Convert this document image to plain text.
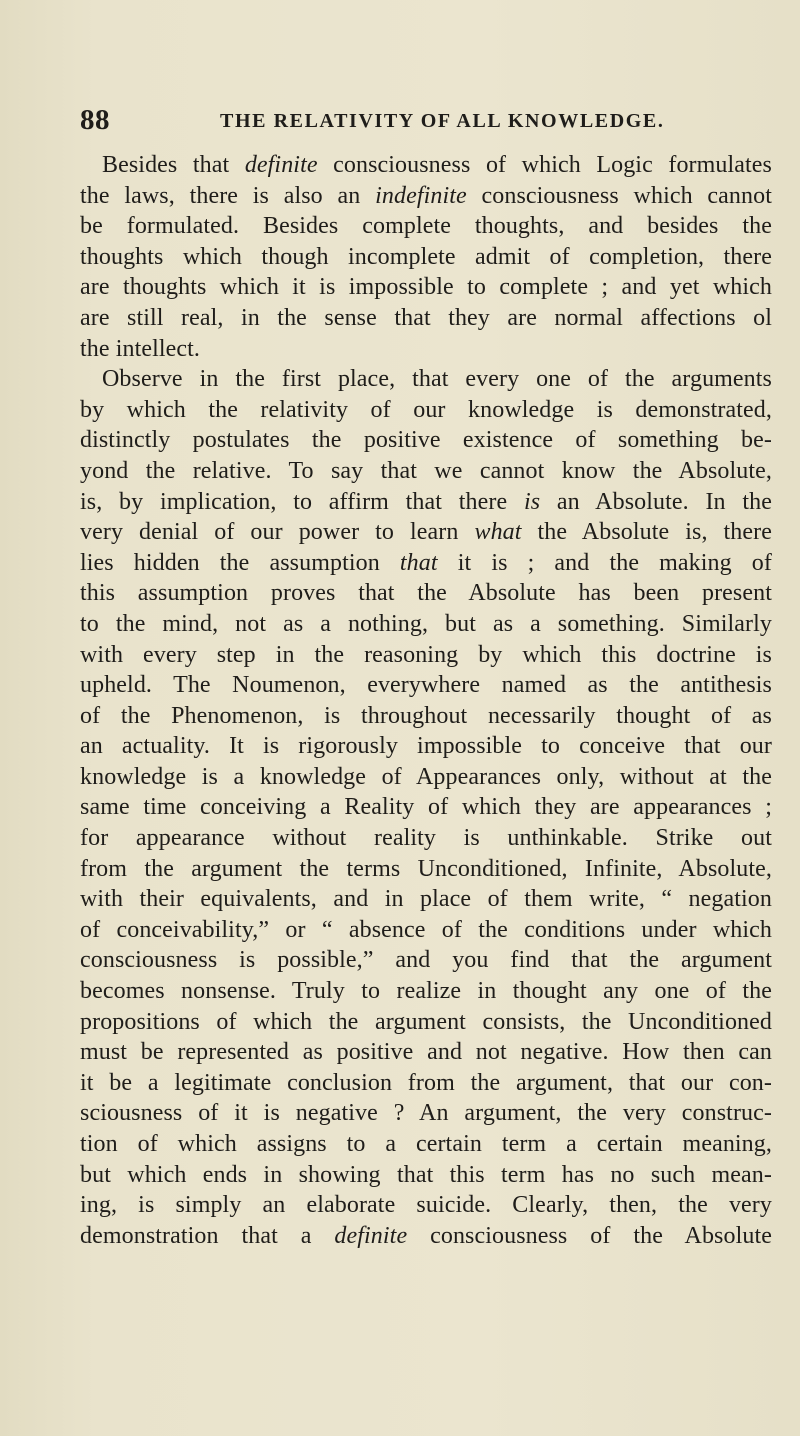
88	THE RELATIVITY OF ALL KNOWLEDGE.
Besides that definite consciousness of which Logic formulates
the laws, there is also an indefinite consciousness which cannot
be formulated. Besides complete thoughts, and besides the
thoughts which though incomplete admit of completion, there
are thoughts which it is impossible to complete ; and yet which
are still real, in the sense that they are normal affections ol
the intellect.
Observe in the first place, that every one of the arguments
by which the relativity of our knowledge is demonstrated,
distinctly postulates the positive existence of something be-
yond the relative. To say that we cannot know the Absolute,
is, by implication, to affirm that there is an Absolute. In the
very denial of our power to learn what the Absolute is, there
lies hidden the assumption that it is ; and the making of
this assumption proves that the Absolute has been present
to the mind, not as a nothing, but as a something. Similarly
with every step in the reasoning by which this doctrine is
upheld. The Noumenon, everywhere named as the antithesis
of the Phenomenon, is throughout necessarily thought of as
an actuality. It is rigorously impossible to conceive that our
knowledge is a knowledge of Appearances only, without at the
same time conceiving a Reality of which they are appearances ;
for appearance without reality is unthinkable. Strike out
from the argument the terms Unconditioned, Infinite, Absolute,
with their equivalents, and in place of them write, “ negation
of conceivability,” or “ absence of the conditions under which
consciousness is possible,” and you find that the argument
becomes nonsense. Truly to realize in thought any one of the
propositions of which the argument consists, the Unconditioned
must be represented as positive and not negative. How then can
it be a legitimate conclusion from the argument, that our con-
sciousness of it is negative ? An argument, the very construc-
tion of which assigns to a certain term a certain meaning,
but which ends in showing that this term has no such mean-
ing, is simply an elaborate suicide. Clearly, then, the very
demonstration that a definite consciousness of the Absolute
